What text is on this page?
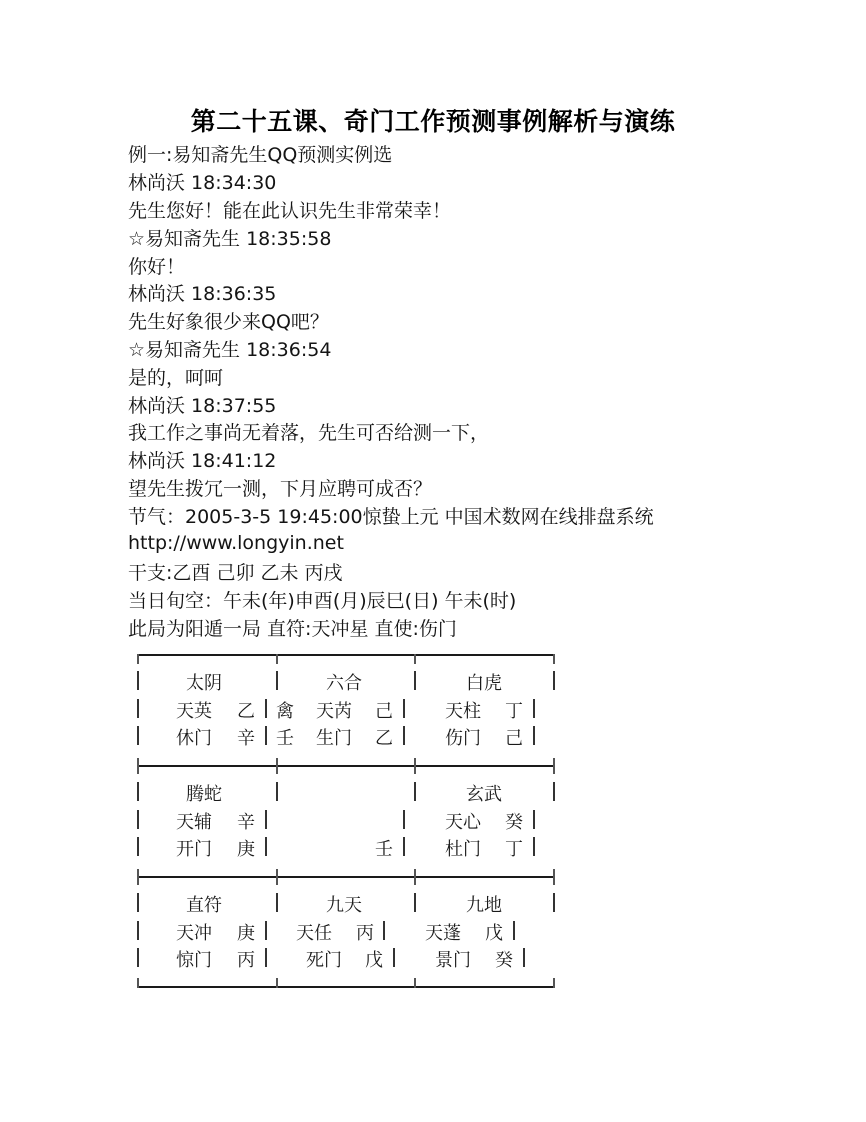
第二十五课、奇门工作预测事例解析与演练
例一:易知斋先生QQ预测实例选
林尚沃 18:34:30
先生您好！能在此认识先生非常荣幸！
☆易知斋先生 18:35:58
你好！
林尚沃 18:36:35
先生好象很少来QQ吧？
☆易知斋先生 18:36:54
是的，呵呵
林尚沃 18:37:55
我工作之事尚无着落，先生可否给测一下，
林尚沃 18:41:12
望先生拨冗一测，下月应聘可成否？
节气：2005-3-5 19:45:00惊蛰上元 中国术数网在线排盘系统
http://www.longyin.net
干支:乙酉 己卯 乙未 丙戌
当日旬空：午未(年)申酉(月)辰巳(日) 午未(时)
此局为阳遁一局 直符:天冲星 直使:伤门
太阴
天英 乙
休门 辛
六合
禽 天芮 己
壬 生门 乙
白虎
天柱 丁
伤门 己
腾蛇
天辅 辛
开门 庚	壬
玄武
天心 癸
杜门 丁
直符
天冲 庚
惊门 丙
九天
天任 丙
死门 戊
九地
天蓬 戊
景门 癸
